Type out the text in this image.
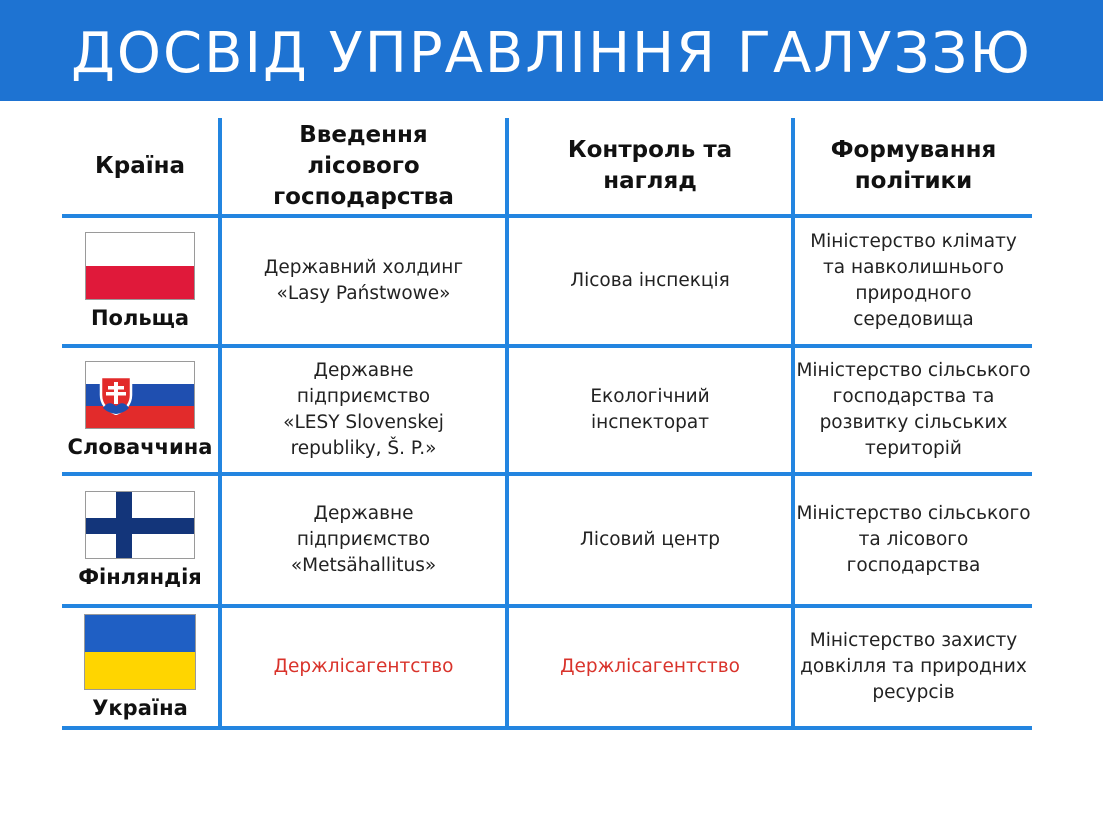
ДОСВІД УПРАВЛІННЯ ГАЛУЗЗЮ
Країна
Введення
лісового
господарства
Контроль та
нагляд
Формування
політики
Польща
Державний холдинг
«Lasy Państwowe»
Лісова інспекція
Міністерство клімату
та навколишнього
природного
середовища
Словаччина
Державне
підприємство
«LESY Slovenskej
republiky, Š. P.»
Екологічний
інспекторат
Міністерство сільського
господарства та
розвитку сільських
територій
Фінляндія
Державне
підприємство
«Metsähallitus»
Лісовий центр
Міністерство сільського
та лісового
господарства
Україна
Держлісагентство	Держлісагентство
Міністерство захисту
довкілля та природних
ресурсів
